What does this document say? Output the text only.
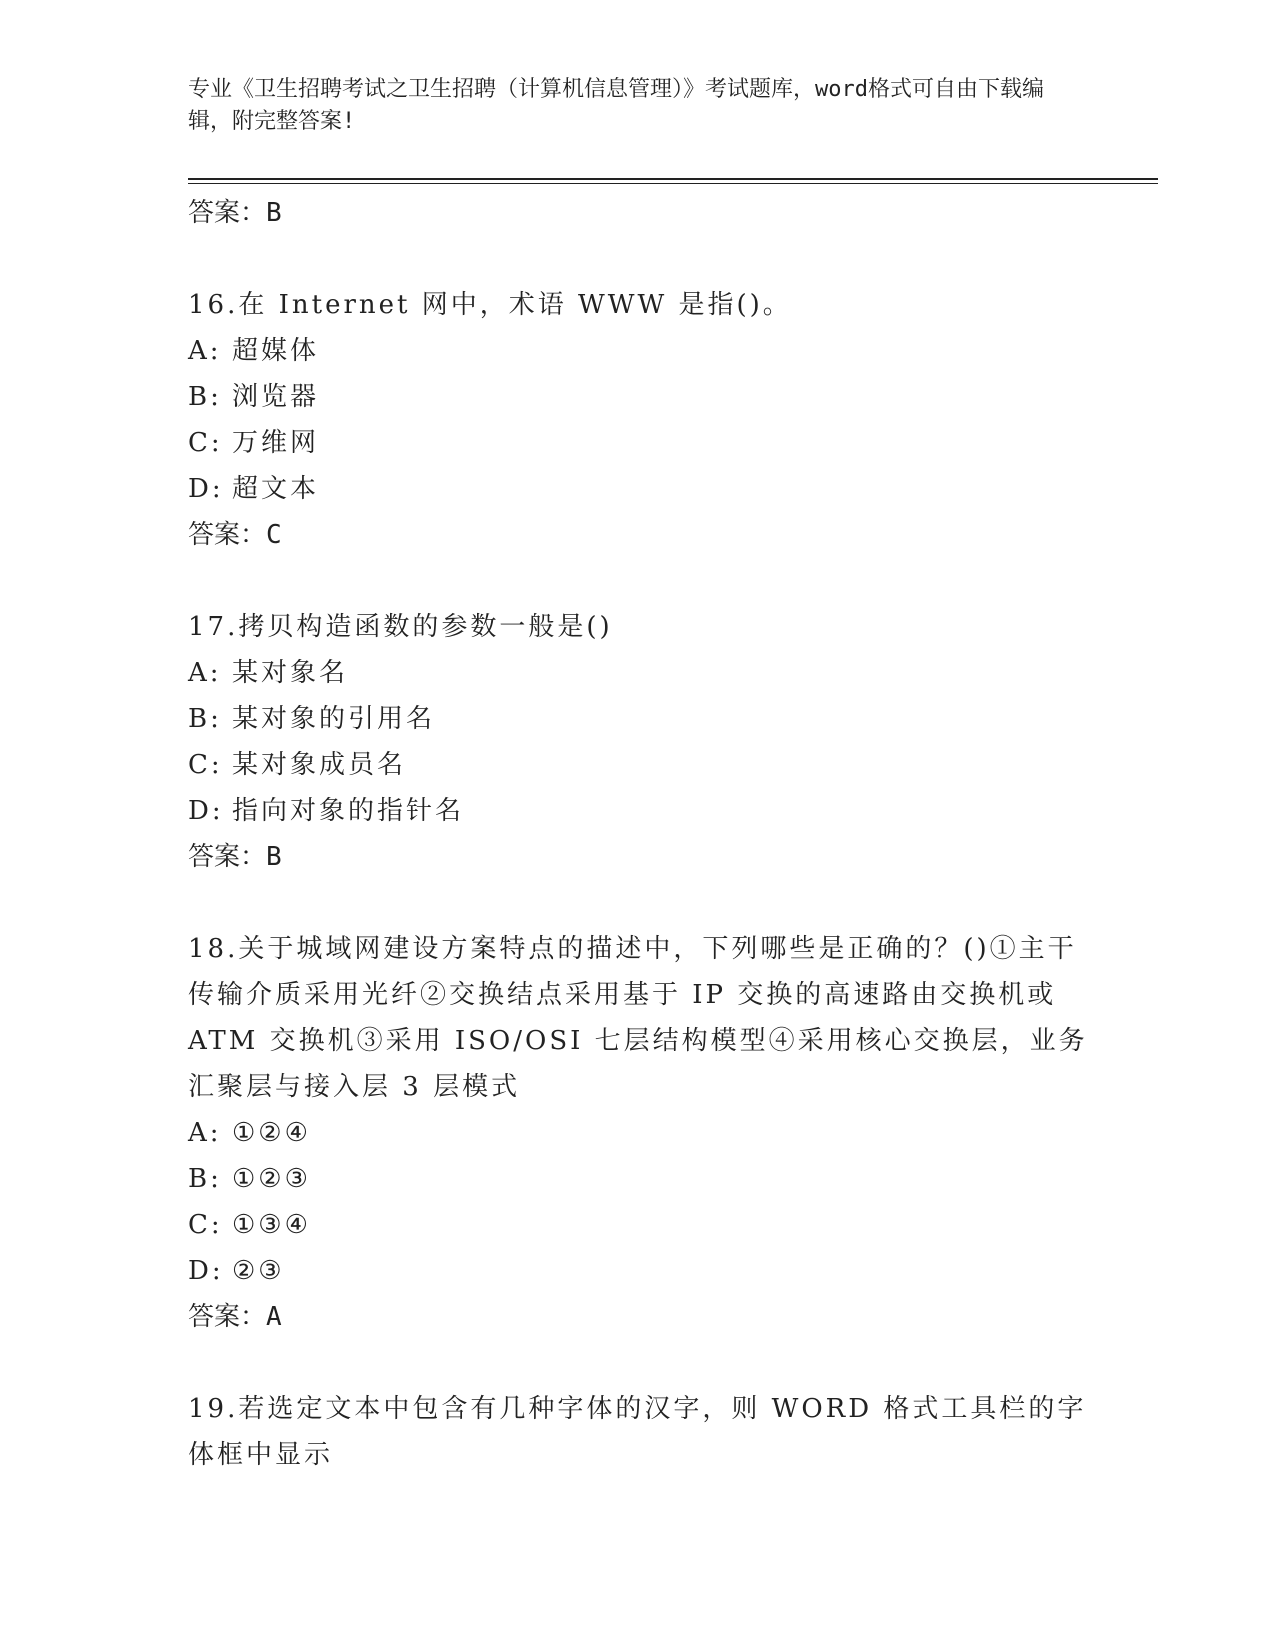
专业《卫生招聘考试之卫生招聘（计算机信息管理）》考试题库，word格式可自由下载编辑，附完整答案!
答案：B
16.在 Internet 网中，术语 WWW 是指()。
A: 超媒体
B: 浏览器
C: 万维网
D: 超文本
答案：C
17.拷贝构造函数的参数一般是()
A: 某对象名
B: 某对象的引用名
C: 某对象成员名
D: 指向对象的指针名
答案：B
18.关于城域网建设方案特点的描述中，下列哪些是正确的？()①主干传输介质采用光纤②交换结点采用基于 IP 交换的高速路由交换机或ATM 交换机③采用 ISO/OSI 七层结构模型④采用核心交换层，业务汇聚层与接入层 3 层模式
A: ①②④
B: ①②③
C: ①③④
D: ②③
答案：A
19.若选定文本中包含有几种字体的汉字，则 WORD 格式工具栏的字体框中显示
